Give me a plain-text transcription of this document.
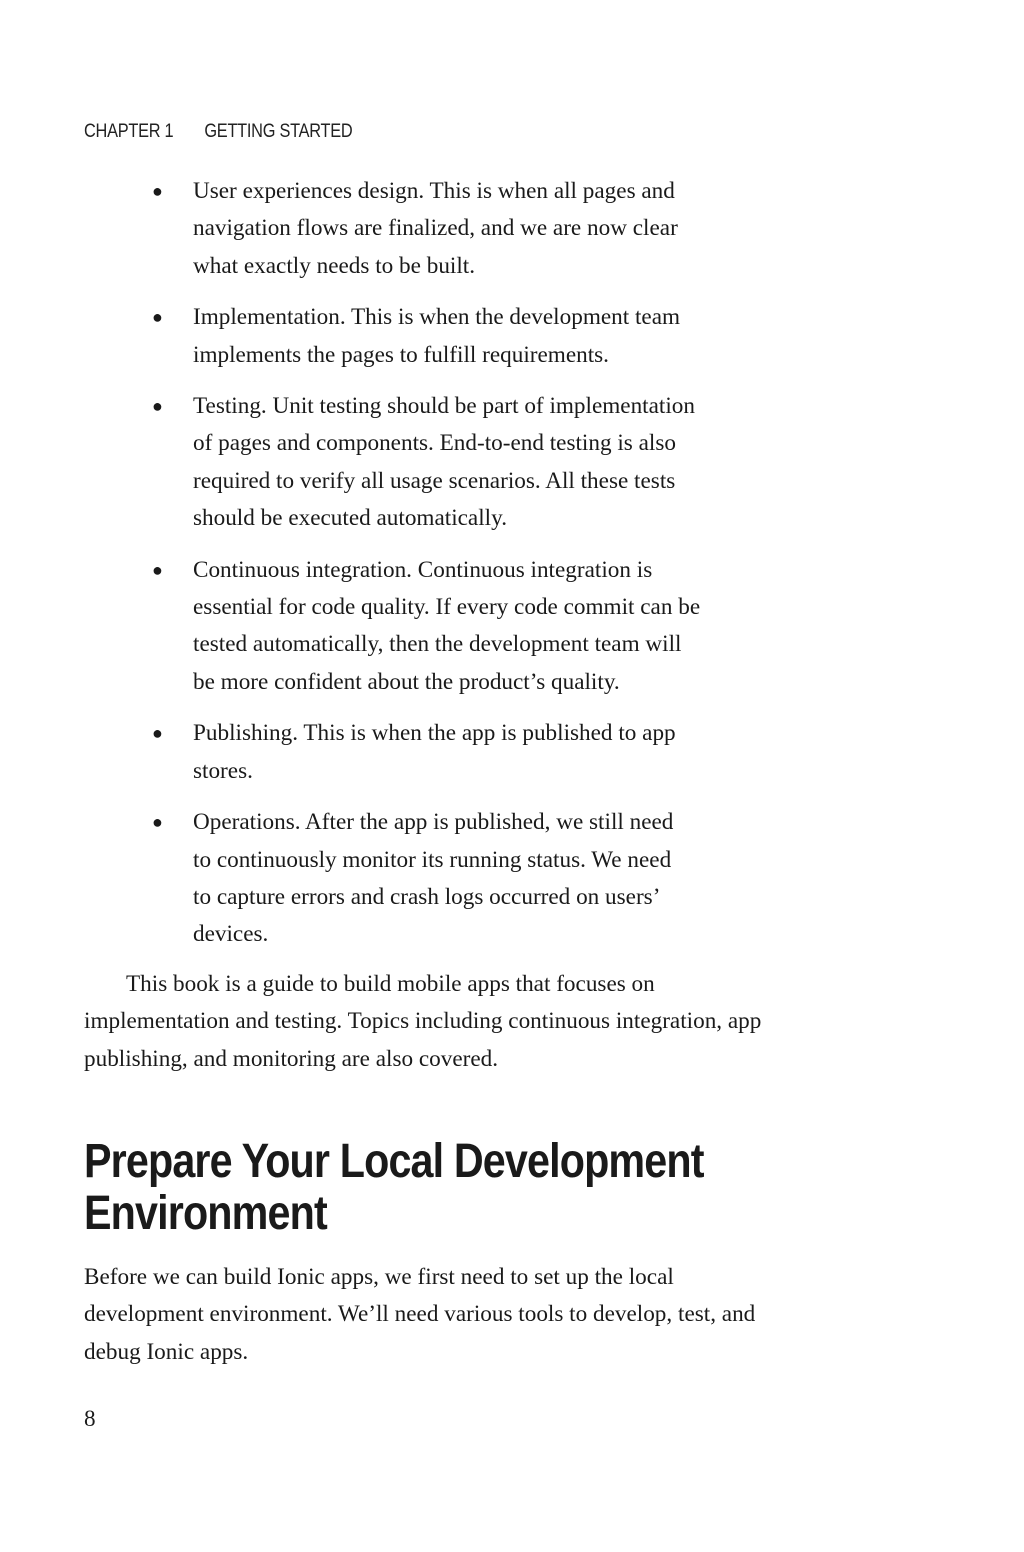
CHAPTER 1 GETTING STARTED
● User experiences design. This is when all pages and
navigation flows are finalized, and we are now clear
what exactly needs to be built.
● Implementation. This is when the development team
implements the pages to fulfill requirements.
● Testing. Unit testing should be part of implementation
of pages and components. End-to-end testing is also
required to verify all usage scenarios. All these tests
should be executed automatically.
● Continuous integration. Continuous integration is
essential for code quality. If every code commit can be
tested automatically, then the development team will
be more confident about the product’s quality.
● Publishing. This is when the app is published to app
stores.
● Operations. After the app is published, we still need
to continuously monitor its running status. We need
to capture errors and crash logs occurred on users’
devices.

This book is a guide to build mobile apps that focuses on
implementation and testing. Topics including continuous integration, app
publishing, and monitoring are also covered.

Prepare Your Local Development
Environment

Before we can build Ionic apps, we first need to set up the local
development environment. We’ll need various tools to develop, test, and
debug Ionic apps.

8
